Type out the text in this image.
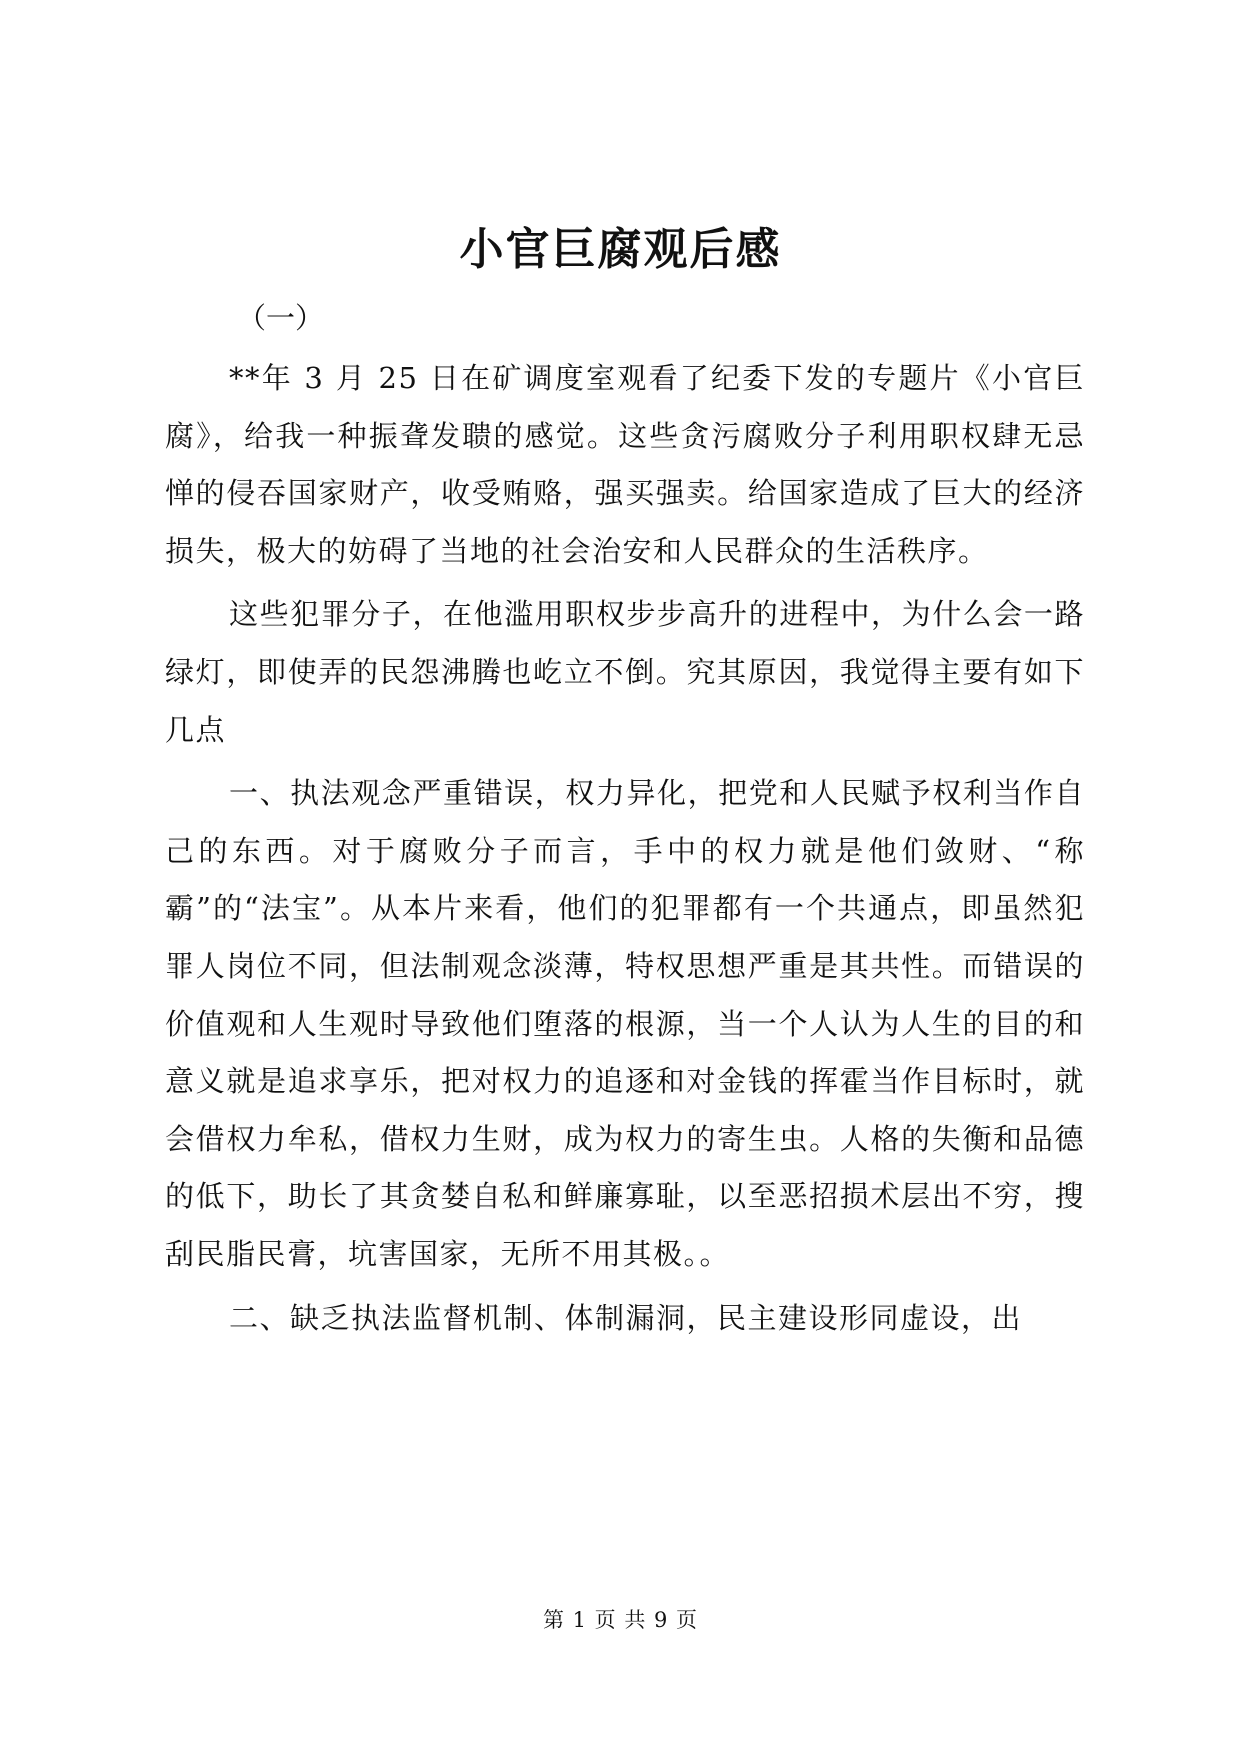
小官巨腐观后感
（一）

**年 3 月 25 日在矿调度室观看了纪委下发的专题片《小官巨腐》，给我一种振聋发聩的感觉。这些贪污腐败分子利用职权肆无忌惮的侵吞国家财产，收受贿赂，强买强卖。给国家造成了巨大的经济损失，极大的妨碍了当地的社会治安和人民群众的生活秩序。

这些犯罪分子，在他滥用职权步步高升的进程中，为什么会一路绿灯，即使弄的民怨沸腾也屹立不倒。究其原因，我觉得主要有如下几点

一、执法观念严重错误，权力异化，把党和人民赋予权利当作自己的东西。对于腐败分子而言，手中的权力就是他们敛财、“称霸”的“法宝”。从本片来看，他们的犯罪都有一个共通点，即虽然犯罪人岗位不同，但法制观念淡薄，特权思想严重是其共性。而错误的价值观和人生观时导致他们堕落的根源，当一个人认为人生的目的和意义就是追求享乐，把对权力的追逐和对金钱的挥霍当作目标时，就会借权力牟私，借权力生财，成为权力的寄生虫。人格的失衡和品德的低下，助长了其贪婪自私和鲜廉寡耻，以至恶招损术层出不穷，搜刮民脂民膏，坑害国家，无所不用其极。。

二、缺乏执法监督机制、体制漏洞，民主建设形同虚设，出

第 1 页 共 9 页
